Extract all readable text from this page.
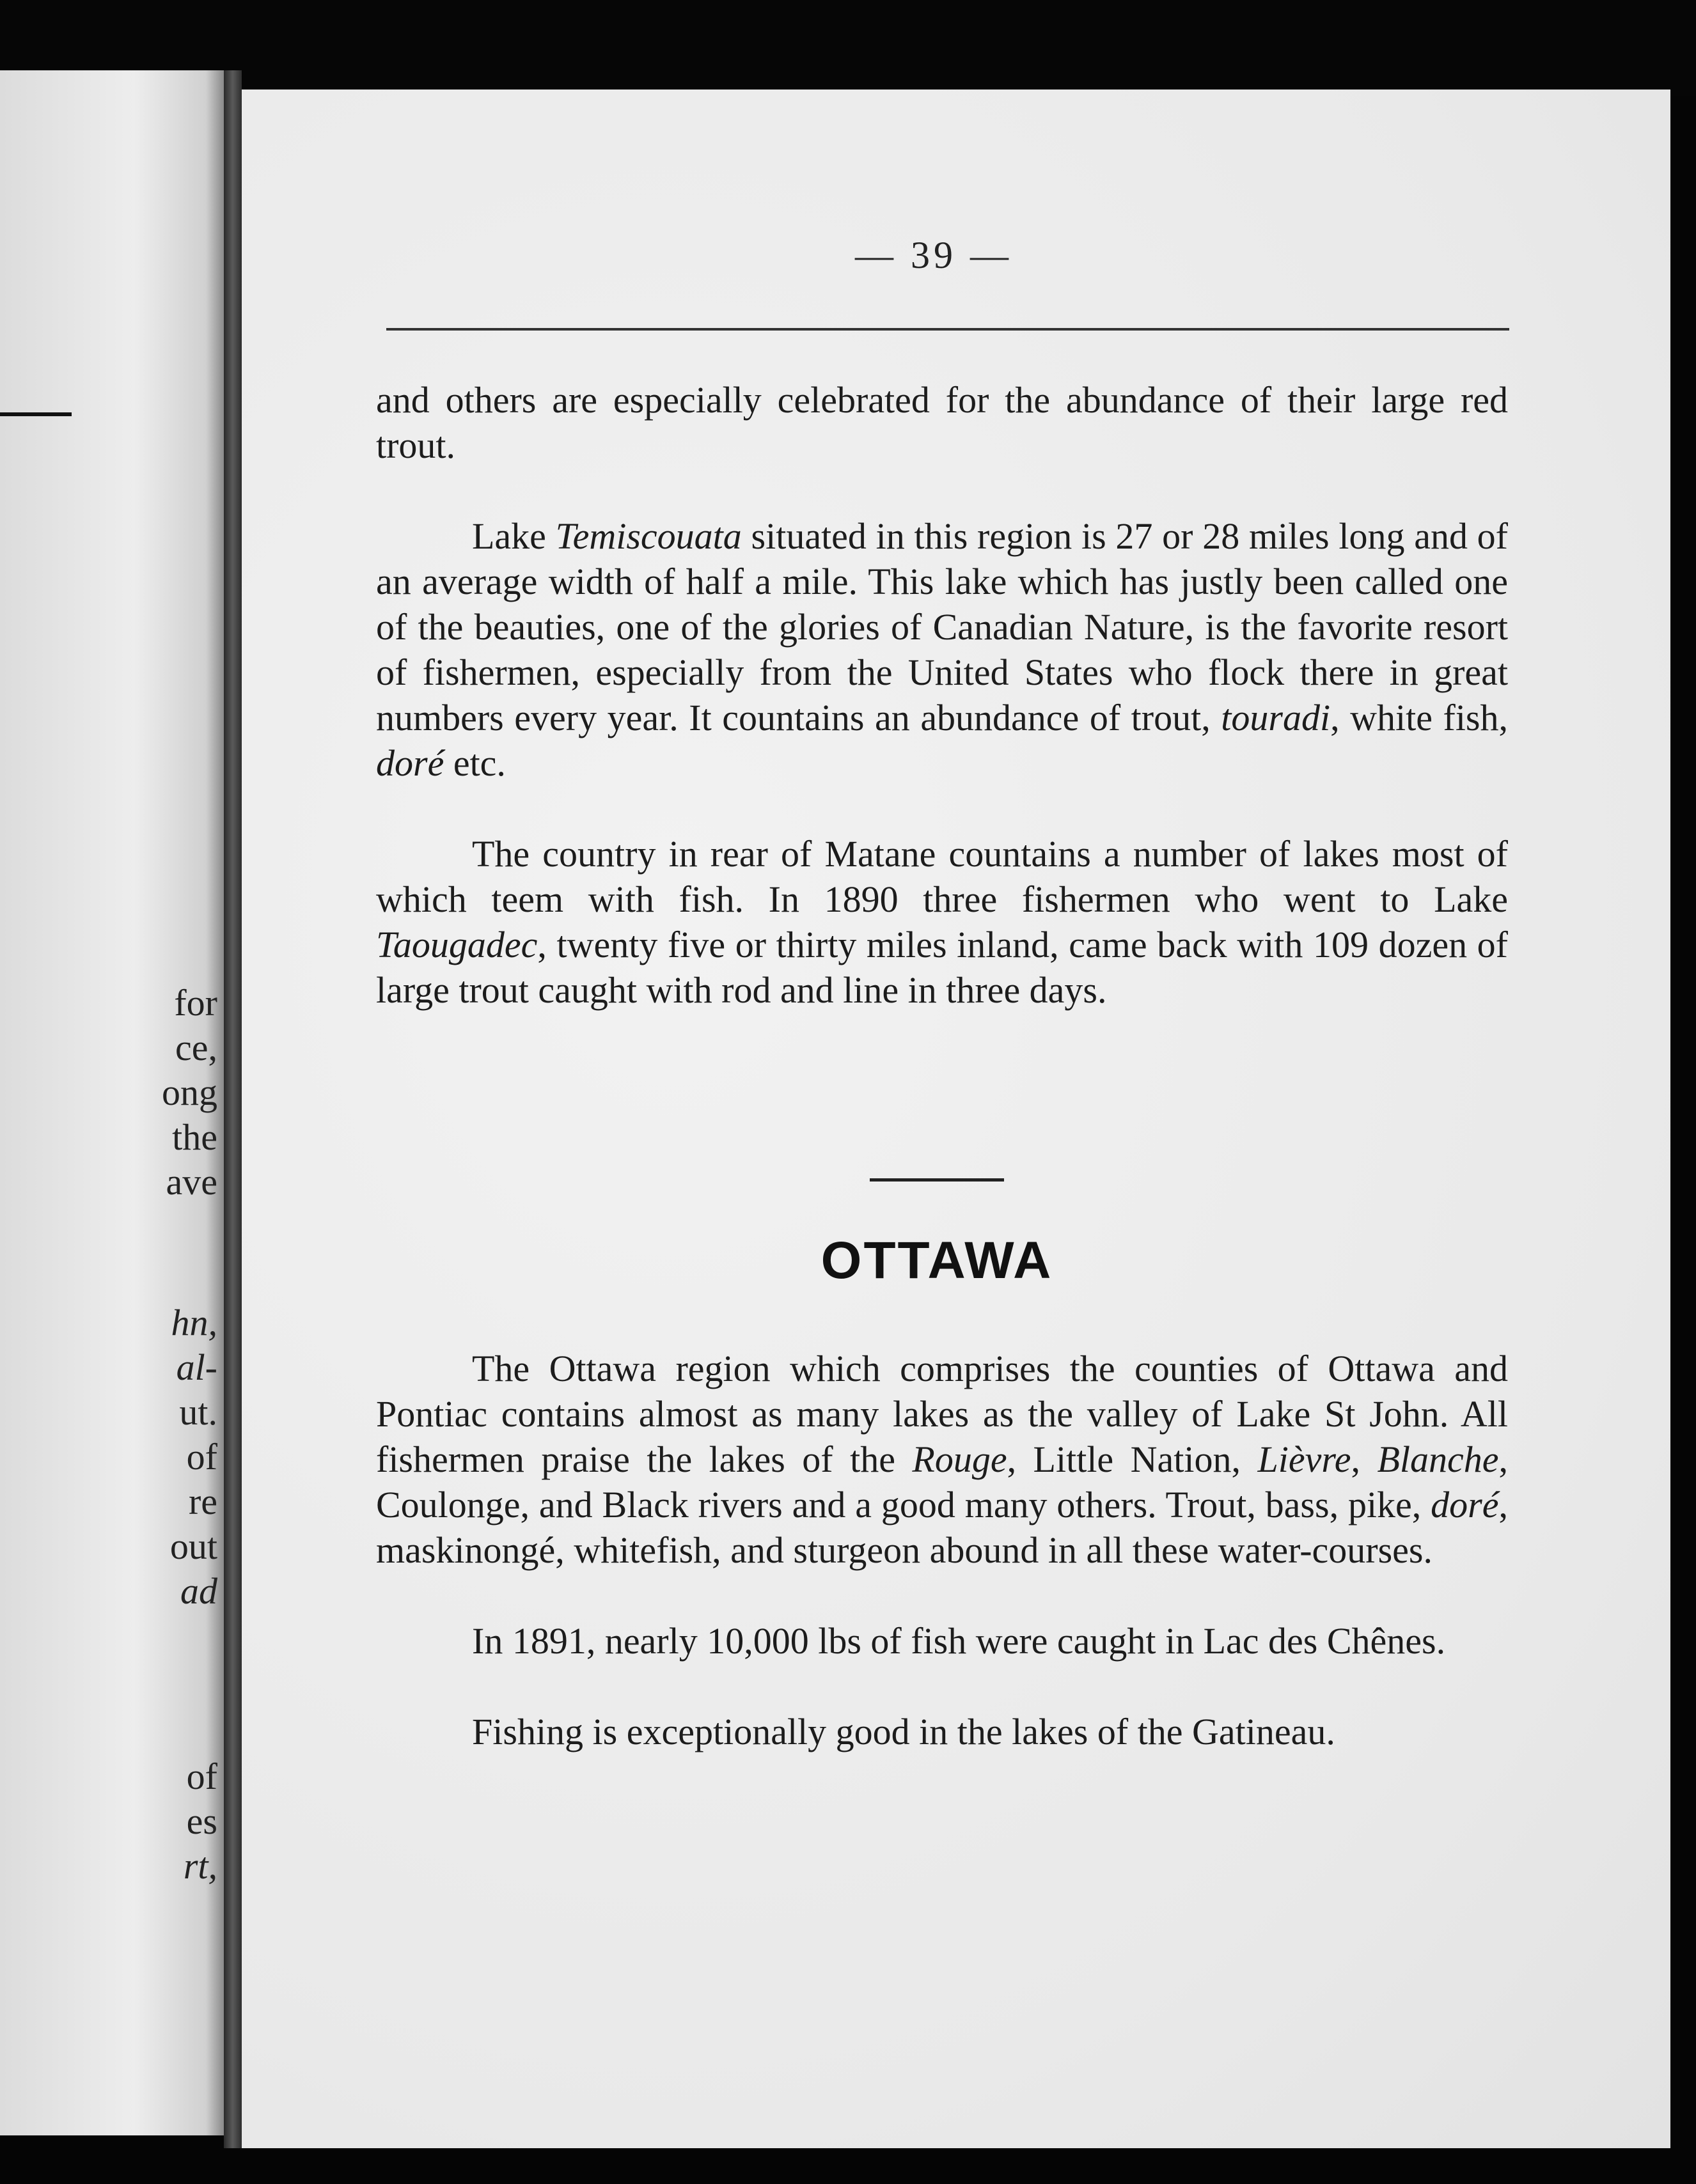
for
ce,
ong
the
ave
hn,
al-
ut.
of
re
out
ad
of
es
rt,
— 39 —

and others are especially celebrated for the abundance of their large red trout.

Lake Temiscouata situated in this region is 27 or 28 miles long and of an average width of half a mile. This lake which has justly been called one of the beauties, one of the glories of Canadian Nature, is the favorite resort of fishermen, especially from the United States who flock there in great numbers every year. It countains an abundance of trout, touradi, white fish, doré etc.

The country in rear of Matane countains a number of lakes most of which teem with fish. In 1890 three fishermen who went to Lake Taougadec, twenty five or thirty miles inland, came back with 109 dozen of large trout caught with rod and line in three days.

OTTAWA

The Ottawa region which comprises the counties of Ottawa and Pontiac contains almost as many lakes as the valley of Lake St John. All fishermen praise the lakes of the Rouge, Little Nation, Lièvre, Blanche, Coulonge, and Black rivers and a good many others. Trout, bass, pike, doré, maskinongé, whitefish, and sturgeon abound in all these water-courses.

In 1891, nearly 10,000 lbs of fish were caught in Lac des Chênes.

Fishing is exceptionally good in the lakes of the Gatineau.
